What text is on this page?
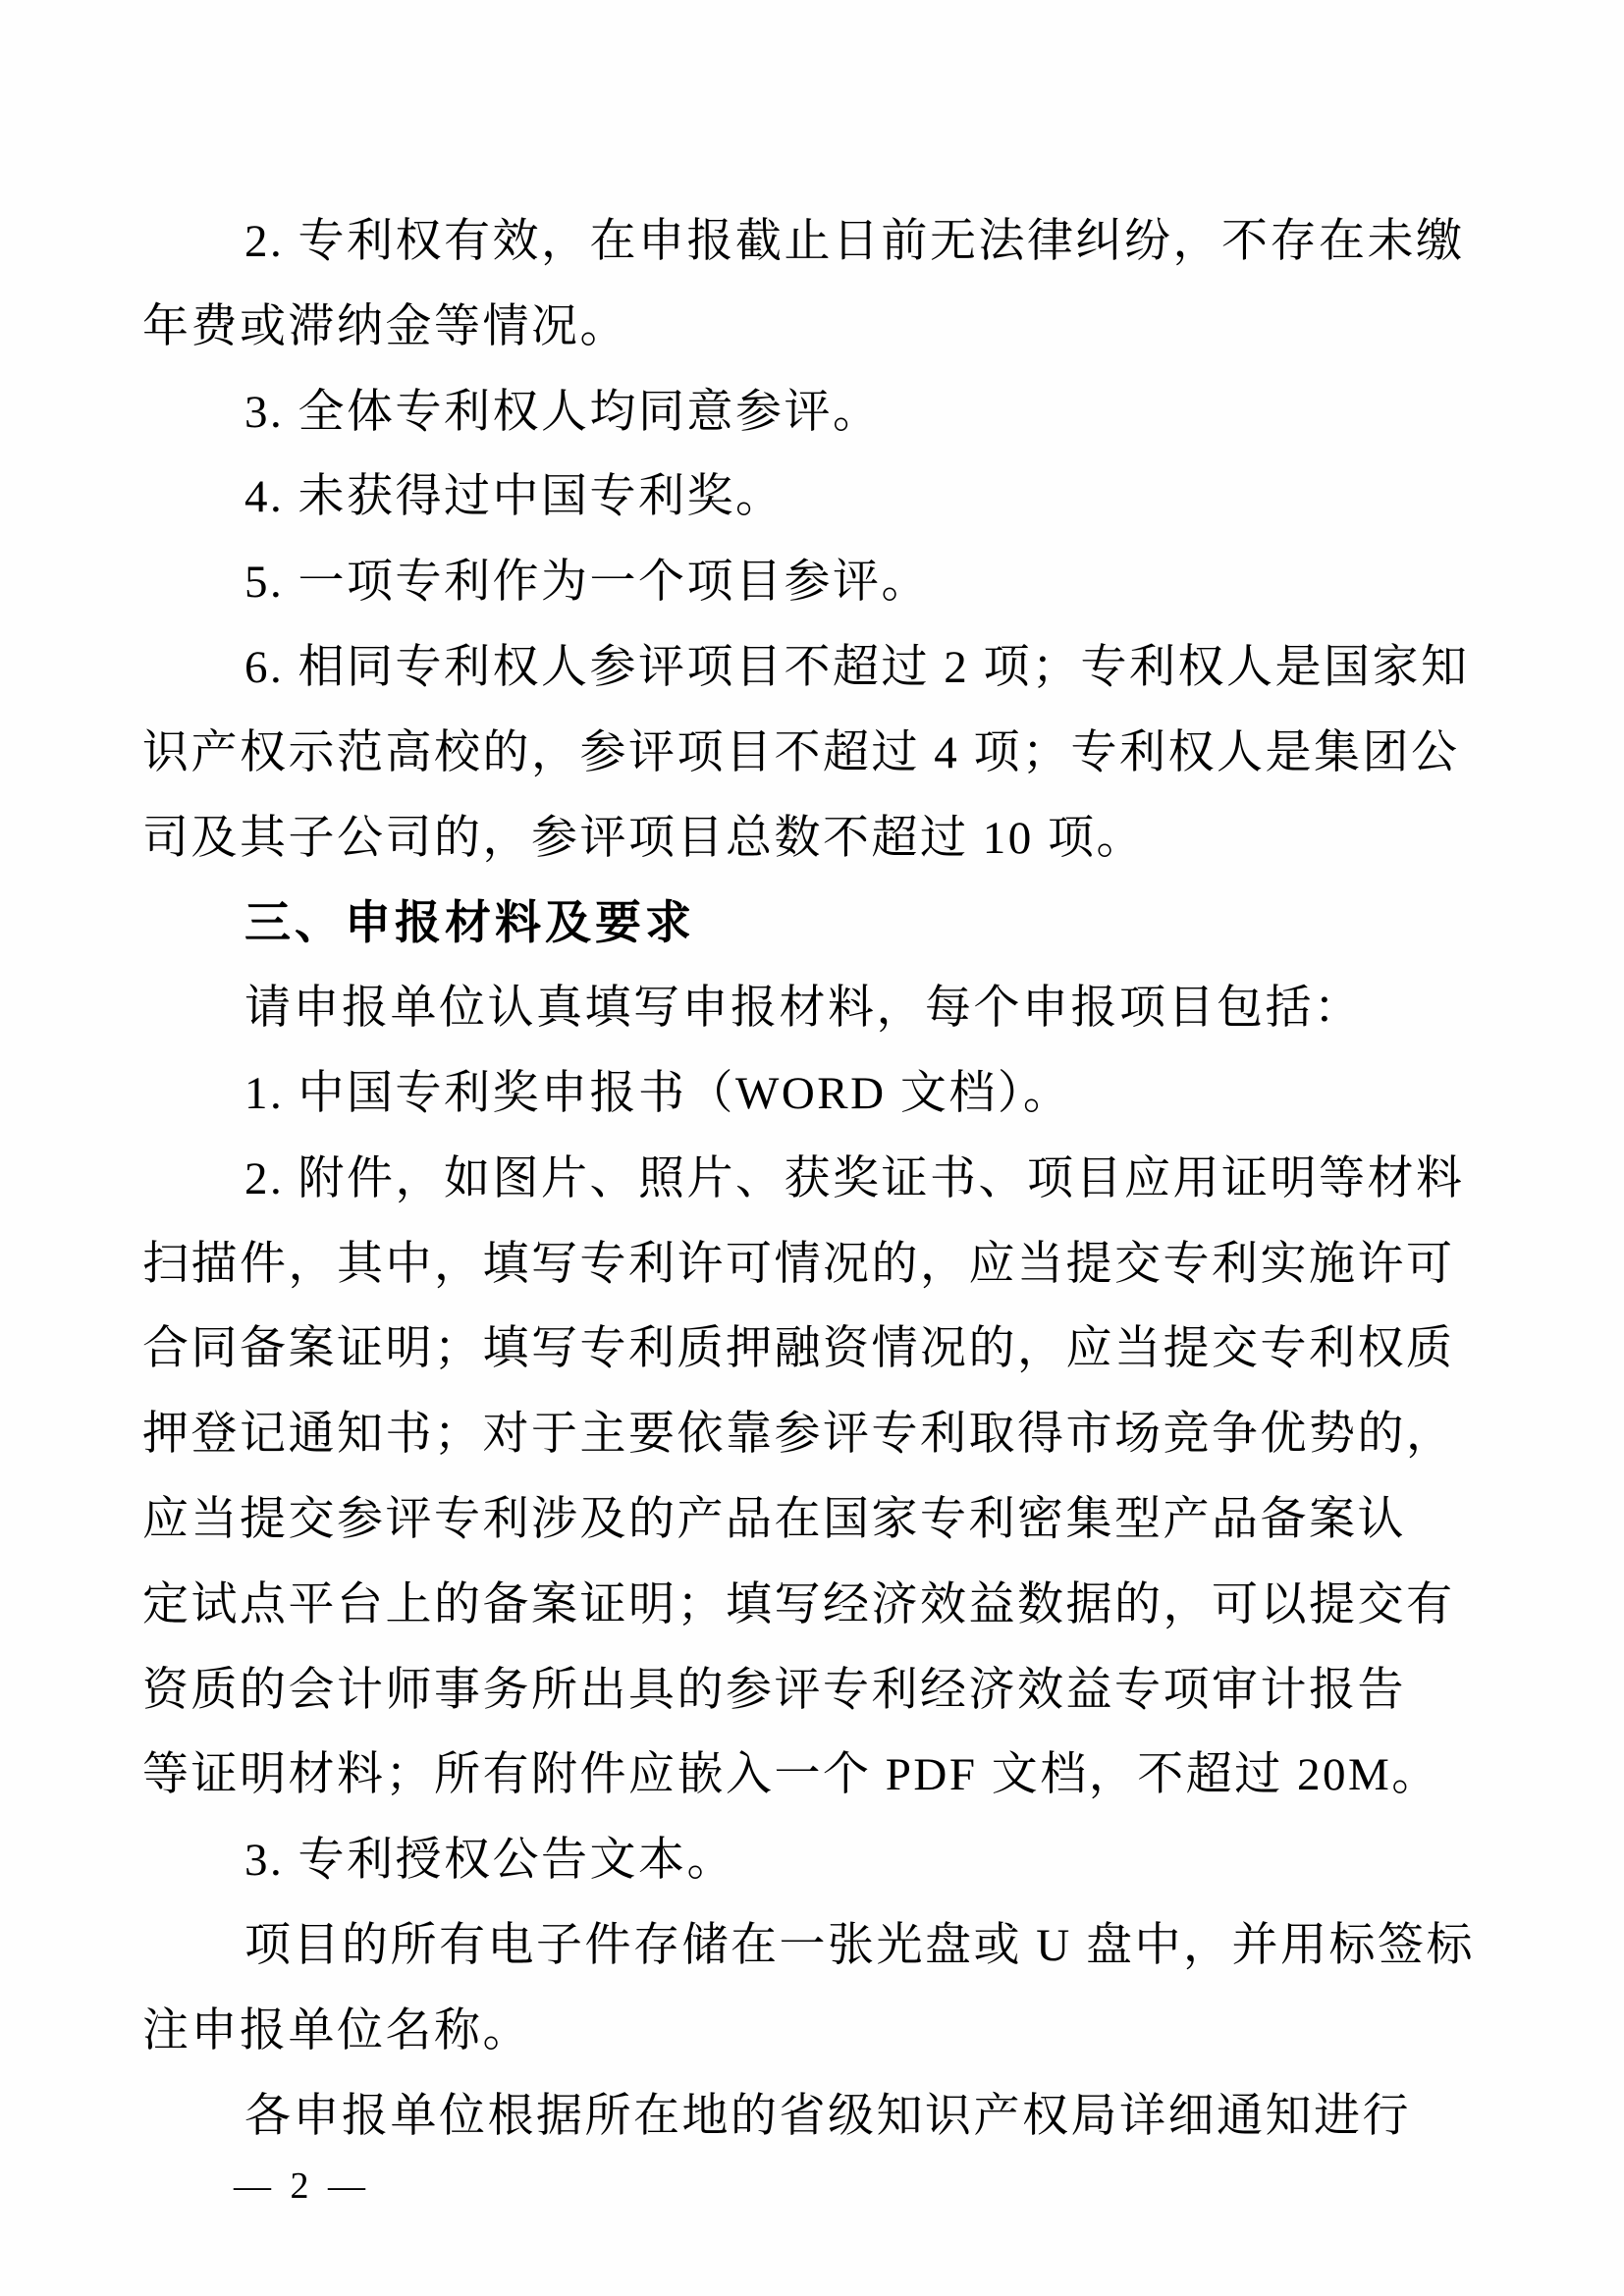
2. 专利权有效，在申报截止日前无法律纠纷，不存在未缴
年费或滞纳金等情况。
3. 全体专利权人均同意参评。
4. 未获得过中国专利奖。
5. 一项专利作为一个项目参评。
6. 相同专利权人参评项目不超过 2 项；专利权人是国家知
识产权示范高校的，参评项目不超过 4 项；专利权人是集团公
司及其子公司的，参评项目总数不超过 10 项。
三、申报材料及要求
请申报单位认真填写申报材料，每个申报项目包括：
1. 中国专利奖申报书（WORD 文档）。
2. 附件，如图片、照片、获奖证书、项目应用证明等材料
扫描件，其中，填写专利许可情况的，应当提交专利实施许可
合同备案证明；填写专利质押融资情况的，应当提交专利权质
押登记通知书；对于主要依靠参评专利取得市场竞争优势的，
应当提交参评专利涉及的产品在国家专利密集型产品备案认
定试点平台上的备案证明；填写经济效益数据的，可以提交有
资质的会计师事务所出具的参评专利经济效益专项审计报告
等证明材料；所有附件应嵌入一个 PDF 文档，不超过 20M。
3. 专利授权公告文本。
项目的所有电子件存储在一张光盘或 U 盘中，并用标签标
注申报单位名称。
各申报单位根据所在地的省级知识产权局详细通知进行
— 2 —
